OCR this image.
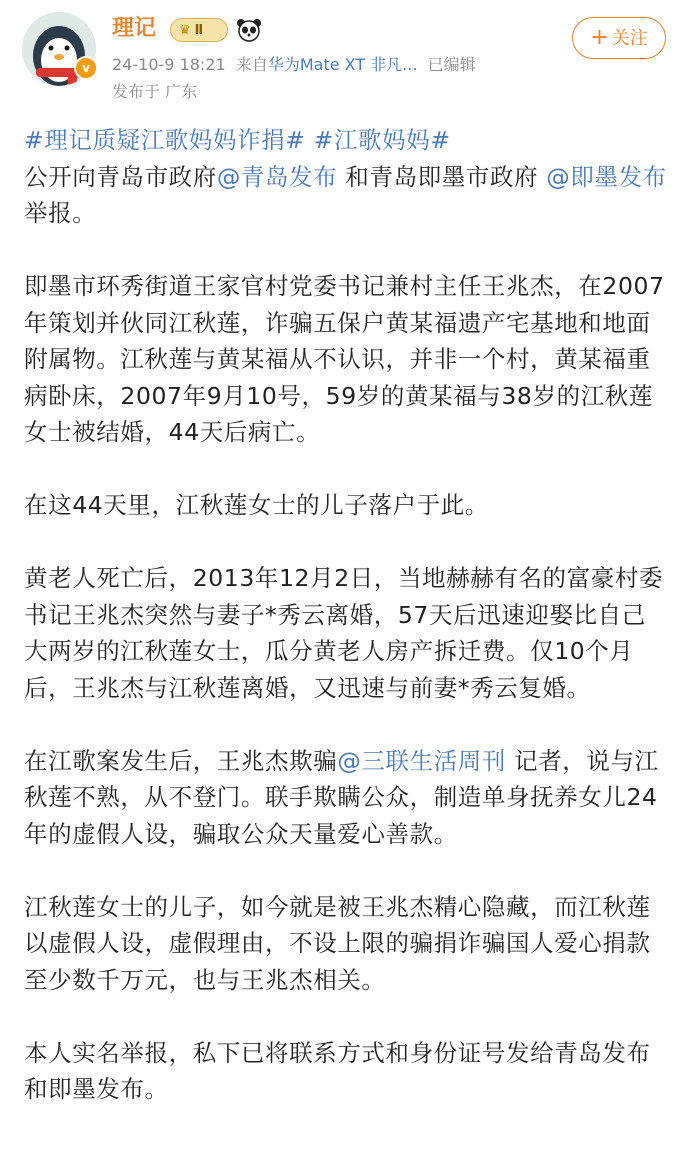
v
理记	♛ Ⅱ
24-10-9 18:21 来自华为Mate XT 非凡... 已编辑
发布于 广东
+ 关注

#理记质疑江歌妈妈诈捐# #江歌妈妈#

公开向青岛市政府@青岛发布 和青岛即墨市政府 @即墨发布 举报。

即墨市环秀街道王家官村党委书记兼村主任王兆杰，在2007年策划并伙同江秋莲，诈骗五保户黄某福遗产宅基地和地面附属物。江秋莲与黄某福从不认识，并非一个村，黄某福重病卧床，2007年9月10号，59岁的黄某福与38岁的江秋莲女士被结婚，44天后病亡。

在这44天里，江秋莲女士的儿子落户于此。

黄老人死亡后，2013年12月2日，当地赫赫有名的富豪村委书记王兆杰突然与妻子*秀云离婚，57天后迅速迎娶比自己大两岁的江秋莲女士，瓜分黄老人房产拆迁费。仅10个月后，王兆杰与江秋莲离婚，又迅速与前妻*秀云复婚。

在江歌案发生后，王兆杰欺骗@三联生活周刊 记者，说与江秋莲不熟，从不登门。联手欺瞒公众，制造单身抚养女儿24年的虚假人设，骗取公众天量爱心善款。

江秋莲女士的儿子，如今就是被王兆杰精心隐藏，而江秋莲以虚假人设，虚假理由，不设上限的骗捐诈骗国人爱心捐款至少数千万元，也与王兆杰相关。

本人实名举报，私下已将联系方式和身份证号发给青岛发布和即墨发布。
